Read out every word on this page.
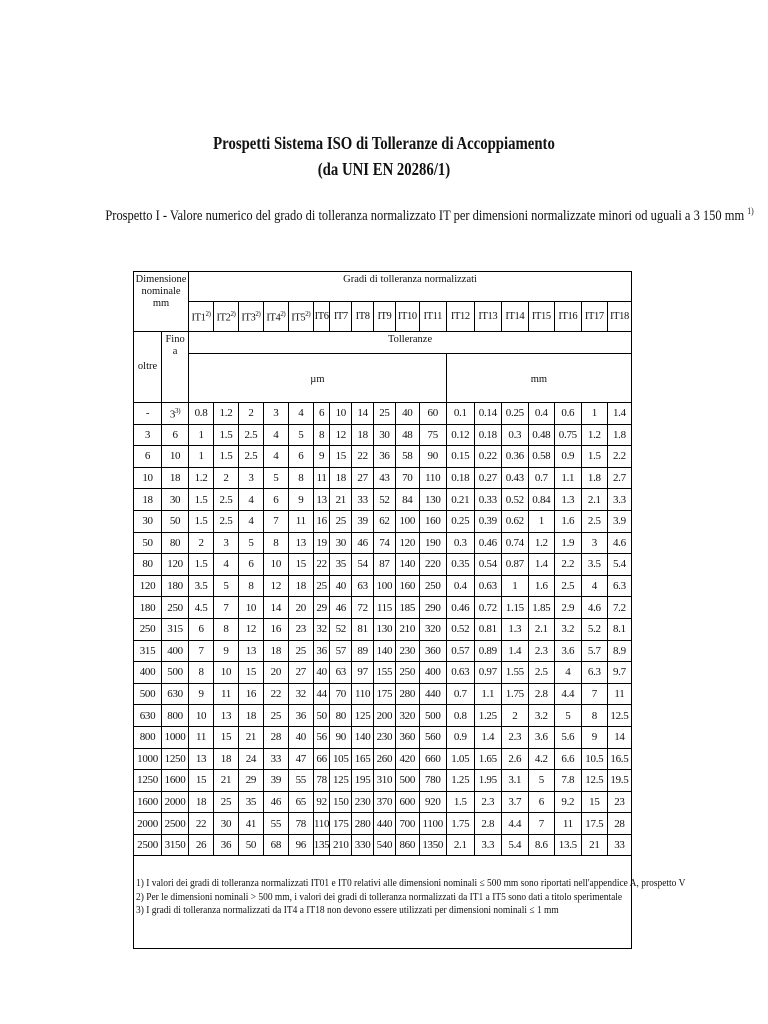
Prospetti Sistema ISO di Tolleranze di Accoppiamento
(da UNI EN 20286/1)
Prospetto I - Valore numerico del grado di tolleranza normalizzato IT per dimensioni normalizzate minori od uguali a 3 150 mm $^{1)}$
Dimensione nominale mm		Gradi di tolleranza normalizzati																	
		IT1$^{2)}$	IT2$^{2)}$	IT3$^{2)}$	IT4$^{2)}$	IT5$^{2)}$	IT6	IT7	IT8	IT9	IT10	IT11	IT12	IT13	IT14	IT15	IT16	IT17	IT18
oltre	Fino a	Tolleranze																	
		µm											mm						
-	3$^{3)}$	0.8	1.2	2	3	4	6	10	14	25	40	60	0.1	0.14	0.25	0.4	0.6	1	1.4
3	6	1	1.5	2.5	4	5	8	12	18	30	48	75	0.12	0.18	0.3	0.48	0.75	1.2	1.8
6	10	1	1.5	2.5	4	6	9	15	22	36	58	90	0.15	0.22	0.36	0.58	0.9	1.5	2.2
10	18	1.2	2	3	5	8	11	18	27	43	70	110	0.18	0.27	0.43	0.7	1.1	1.8	2.7
18	30	1.5	2.5	4	6	9	13	21	33	52	84	130	0.21	0.33	0.52	0.84	1.3	2.1	3.3
30	50	1.5	2.5	4	7	11	16	25	39	62	100	160	0.25	0.39	0.62	1	1.6	2.5	3.9
50	80	2	3	5	8	13	19	30	46	74	120	190	0.3	0.46	0.74	1.2	1.9	3	4.6
80	120	1.5	4	6	10	15	22	35	54	87	140	220	0.35	0.54	0.87	1.4	2.2	3.5	5.4
120	180	3.5	5	8	12	18	25	40	63	100	160	250	0.4	0.63	1	1.6	2.5	4	6.3
180	250	4.5	7	10	14	20	29	46	72	115	185	290	0.46	0.72	1.15	1.85	2.9	4.6	7.2
250	315	6	8	12	16	23	32	52	81	130	210	320	0.52	0.81	1.3	2.1	3.2	5.2	8.1
315	400	7	9	13	18	25	36	57	89	140	230	360	0.57	0.89	1.4	2.3	3.6	5.7	8.9
400	500	8	10	15	20	27	40	63	97	155	250	400	0.63	0.97	1.55	2.5	4	6.3	9.7
500	630	9	11	16	22	32	44	70	110	175	280	440	0.7	1.1	1.75	2.8	4.4	7	11
630	800	10	13	18	25	36	50	80	125	200	320	500	0.8	1.25	2	3.2	5	8	12.5
800	1000	11	15	21	28	40	56	90	140	230	360	560	0.9	1.4	2.3	3.6	5.6	9	14
1000	1250	13	18	24	33	47	66	105	165	260	420	660	1.05	1.65	2.6	4.2	6.6	10.5	16.5
1250	1600	15	21	29	39	55	78	125	195	310	500	780	1.25	1.95	3.1	5	7.8	12.5	19.5
1600	2000	18	25	35	46	65	92	150	230	370	600	920	1.5	2.3	3.7	6	9.2	15	23
2000	2500	22	30	41	55	78	110	175	280	440	700	1100	1.75	2.8	4.4	7	11	17.5	28
2500	3150	26	36	50	68	96	135	210	330	540	860	1350	2.1	3.3	5.4	8.6	13.5	21	33
1) I valori dei gradi di tolleranza normalizzati IT01 e IT0 relativi alle dimensioni nominali ≤ 500 mm sono riportati nell'appendice A, prospetto V
2) Per le dimensioni nominali > 500 mm, i valori dei gradi di tolleranza normalizzati da IT1 a IT5 sono dati a titolo sperimentale
3) I gradi di tolleranza normalizzati da IT4 a IT18 non devono essere utilizzati per dimensioni nominali ≤ 1 mm
